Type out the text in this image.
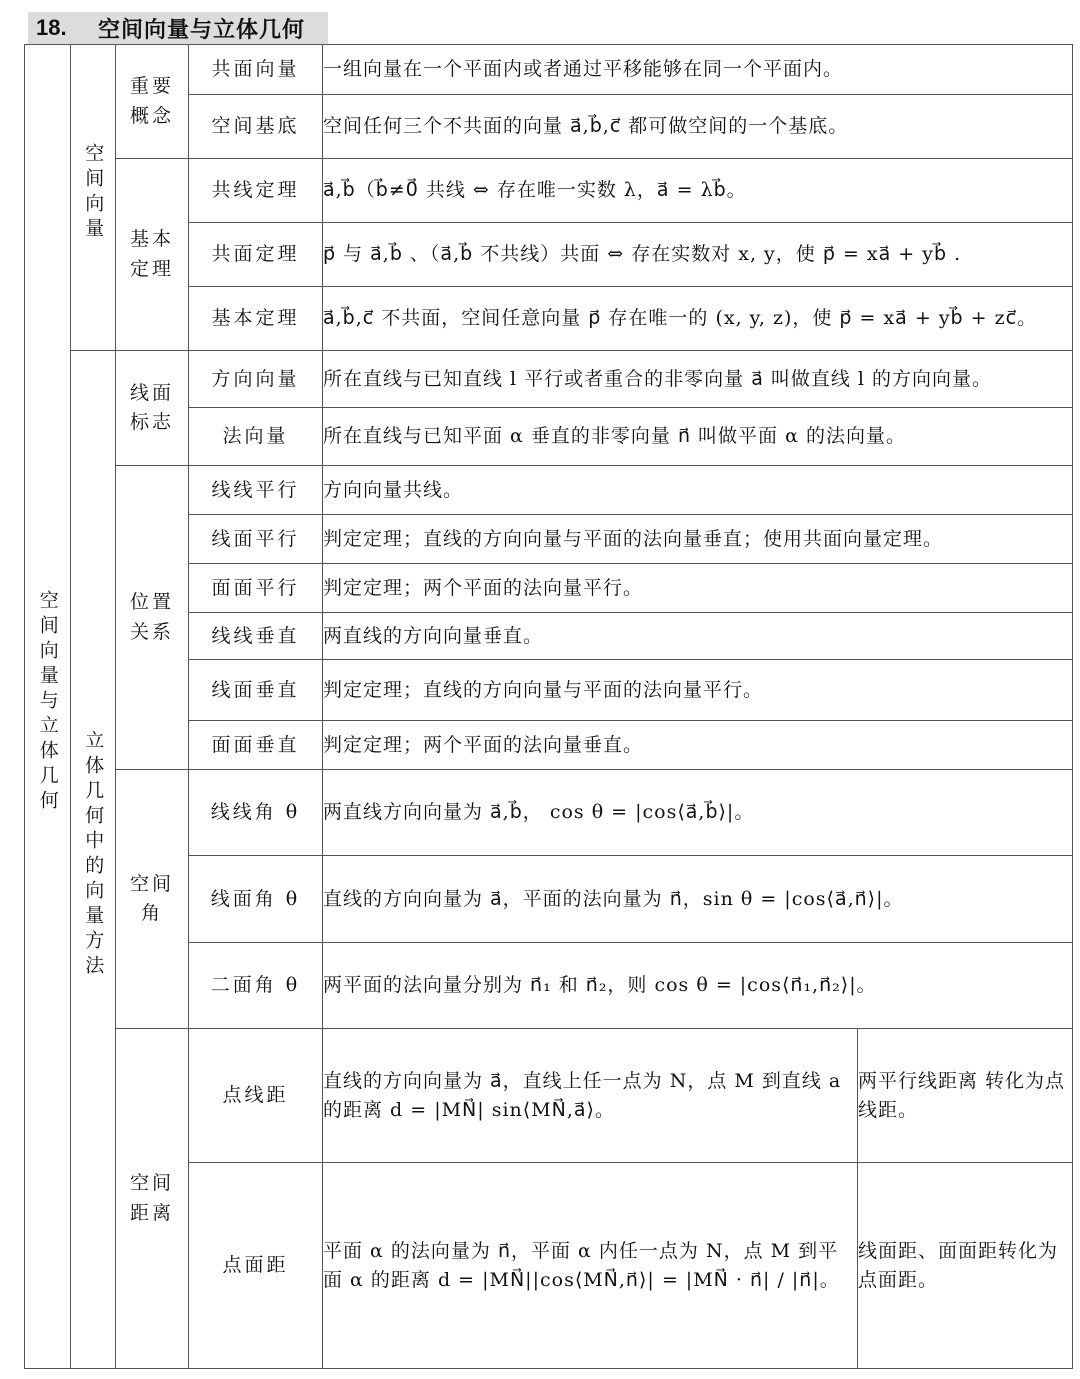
18.	空间向量与立体几何
空间向量与立体几何	空间向量	重要概念	共面向量	一组向量在一个平面内或者通过平移能够在同一个平面内。	
			空间基底	空间任何三个不共面的向量 a⃗,b⃗,c⃗ 都可做空间的一个基底。	
		基本定理	共线定理	a⃗,b⃗（b⃗≠0⃗ 共线 ⇔ 存在唯一实数 λ，a⃗ = λb⃗。	
			共面定理	p⃗ 与 a⃗,b⃗ 、（a⃗,b⃗ 不共线）共面 ⇔ 存在实数对 x, y，使 p⃗ = xa⃗ + yb⃗ .	
			基本定理	a⃗,b⃗,c⃗ 不共面，空间任意向量 p⃗ 存在唯一的 (x, y, z)，使 p⃗ = xa⃗ + yb⃗ + zc⃗。	
	立体几何中的向量方法	线面标志	方向向量	所在直线与已知直线 l 平行或者重合的非零向量 a⃗ 叫做直线 l 的方向向量。	
			法向量	所在直线与已知平面 α 垂直的非零向量 n⃗ 叫做平面 α 的法向量。	
		位置关系	线线平行	方向向量共线。	
			线面平行	判定定理；直线的方向向量与平面的法向量垂直；使用共面向量定理。	
			面面平行	判定定理；两个平面的法向量平行。	
			线线垂直	两直线的方向向量垂直。	
			线面垂直	判定定理；直线的方向向量与平面的法向量平行。	
			面面垂直	判定定理；两个平面的法向量垂直。	
		空间角	线线角 θ	两直线方向向量为 a⃗,b⃗， cos θ = |cos⟨a⃗,b⃗⟩|。	
			线面角 θ	直线的方向向量为 a⃗，平面的法向量为 n⃗，sin θ = |cos⟨a⃗,n⃗⟩|。	
			二面角 θ	两平面的法向量分别为 n⃗₁ 和 n⃗₂，则 cos θ = |cos⟨n⃗₁,n⃗₂⟩|。	
		空间距离	点线距	直线的方向向量为 a⃗，直线上任一点为 N，点 M 到直线 a 的距离 d = |MN⃗| sin⟨MN⃗,a⃗⟩。	两平行线距离 转化为点线距。
			点面距	平面 α 的法向量为 n⃗，平面 α 内任一点为 N，点 M 到平面 α 的距离 d = |MN⃗||cos⟨MN⃗,n⃗⟩| = |MN⃗ · n⃗| / |n⃗|。	线面距、面面距转化为点面距。
